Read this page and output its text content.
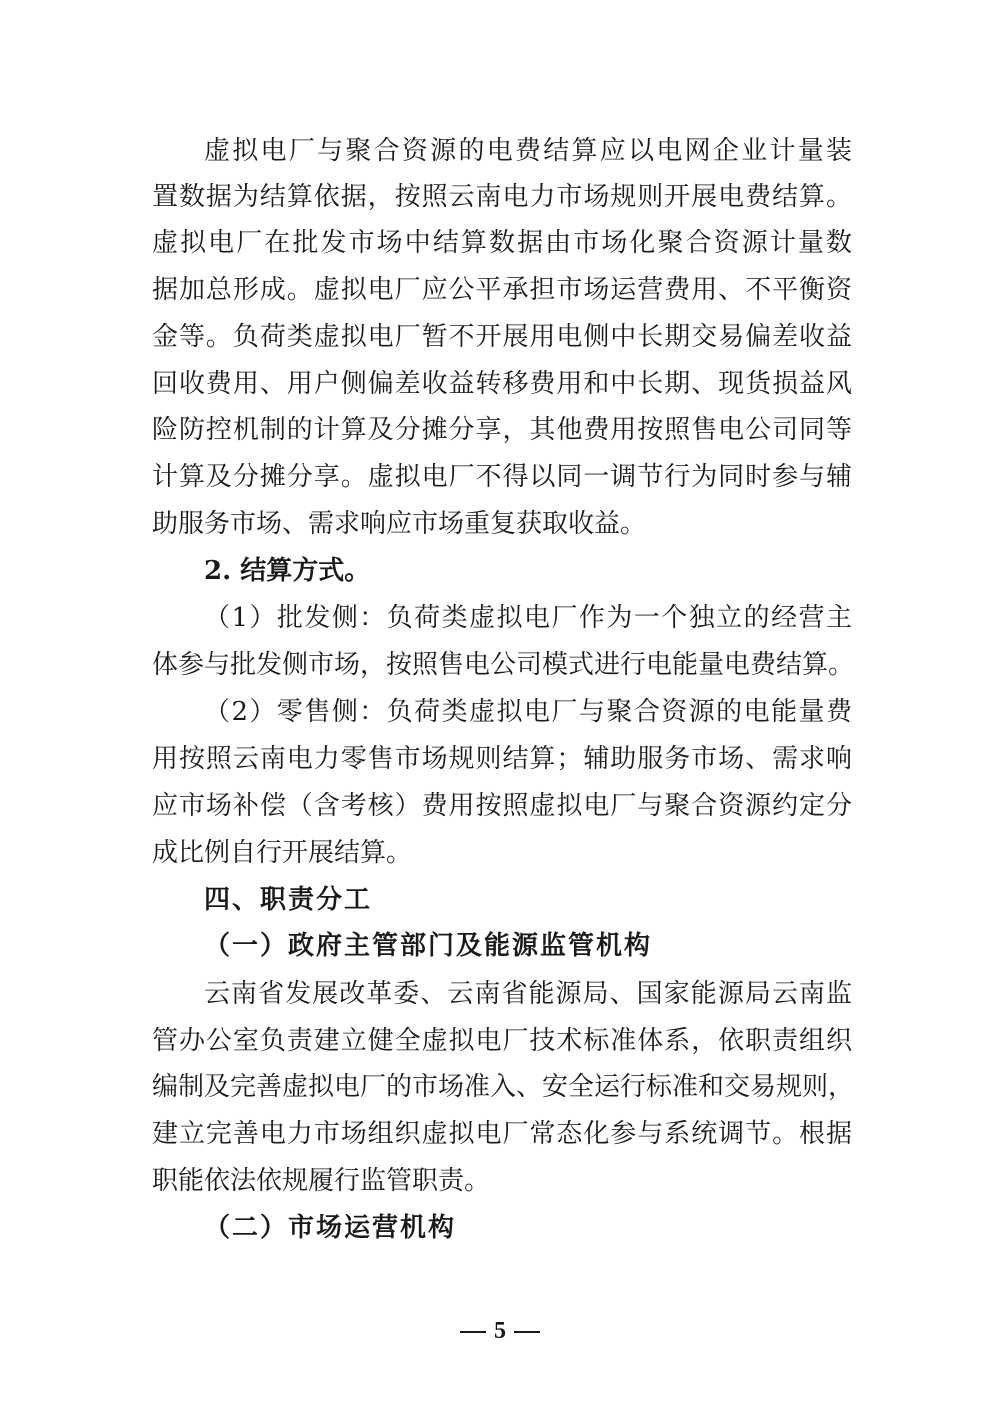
虚拟电厂与聚合资源的电费结算应以电网企业计量装
置数据为结算依据，按照云南电力市场规则开展电费结算。
虚拟电厂在批发市场中结算数据由市场化聚合资源计量数
据加总形成。虚拟电厂应公平承担市场运营费用、不平衡资
金等。负荷类虚拟电厂暂不开展用电侧中长期交易偏差收益
回收费用、用户侧偏差收益转移费用和中长期、现货损益风
险防控机制的计算及分摊分享，其他费用按照售电公司同等
计算及分摊分享。虚拟电厂不得以同一调节行为同时参与辅
助服务市场、需求响应市场重复获取收益。
2. 结算方式。
（1）批发侧：负荷类虚拟电厂作为一个独立的经营主
体参与批发侧市场，按照售电公司模式进行电能量电费结算。
（2）零售侧：负荷类虚拟电厂与聚合资源的电能量费
用按照云南电力零售市场规则结算；辅助服务市场、需求响
应市场补偿（含考核）费用按照虚拟电厂与聚合资源约定分
成比例自行开展结算。
四、职责分工
（一）政府主管部门及能源监管机构
云南省发展改革委、云南省能源局、国家能源局云南监
管办公室负责建立健全虚拟电厂技术标准体系，依职责组织
编制及完善虚拟电厂的市场准入、安全运行标准和交易规则，
建立完善电力市场组织虚拟电厂常态化参与系统调节。根据
职能依法依规履行监管职责。
（二）市场运营机构
5
